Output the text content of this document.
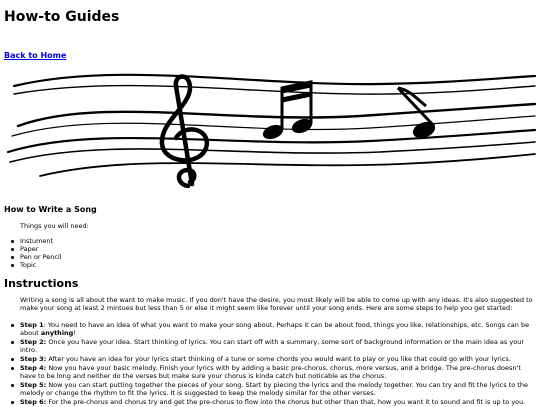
How-to Guides
Back to Home
How to Write a Song
Things you will need:
Instument
Paper
Pen or Pencil
Topic
Instructions
Writing a song is all about the want to make music. If you don't have the desire, you most likely will be able to come up with any ideas. It's also suggested to make your song at least 2 mintues but less than 5 or else it might seem like forever until your song ends. Here are some steps to help you get started:
Step 1: You need to have an idea of what you want to make your song about. Perhaps it can be about food, things you like, relationships, etc. Songs can be about anything!
Step 2: Once you have your idea. Start thinking of lyrics. You can start off with a summary, some sort of background information or the main idea as your intro.
Step 3: After you have an idea for your lyrics start thinking of a tune or some chords you would want to play or you like that could go with your lyrics.
Step 4: Now you have your basic melody. Finish your lyrics with by adding a basic pre-chorus, chorus, more versus, and a bridge. The pre-chorus doesn't have to be long and neither do the verses but make sure your chorus is kinda catch but noticable as the chorus.
Step 5: Now you can start putting together the pieces of your song. Start by piecing the lyrics and the melody together. You can try and fit the lyrics to the melody or change the rhythm to fit the lyrics. It is suggested to keep the melody similar for the other verses.
Step 6: For the pre-chorus and chorus try and get the pre-chorus to flow into the chorus but other than that, how you want it to sound and fit is up to you.
